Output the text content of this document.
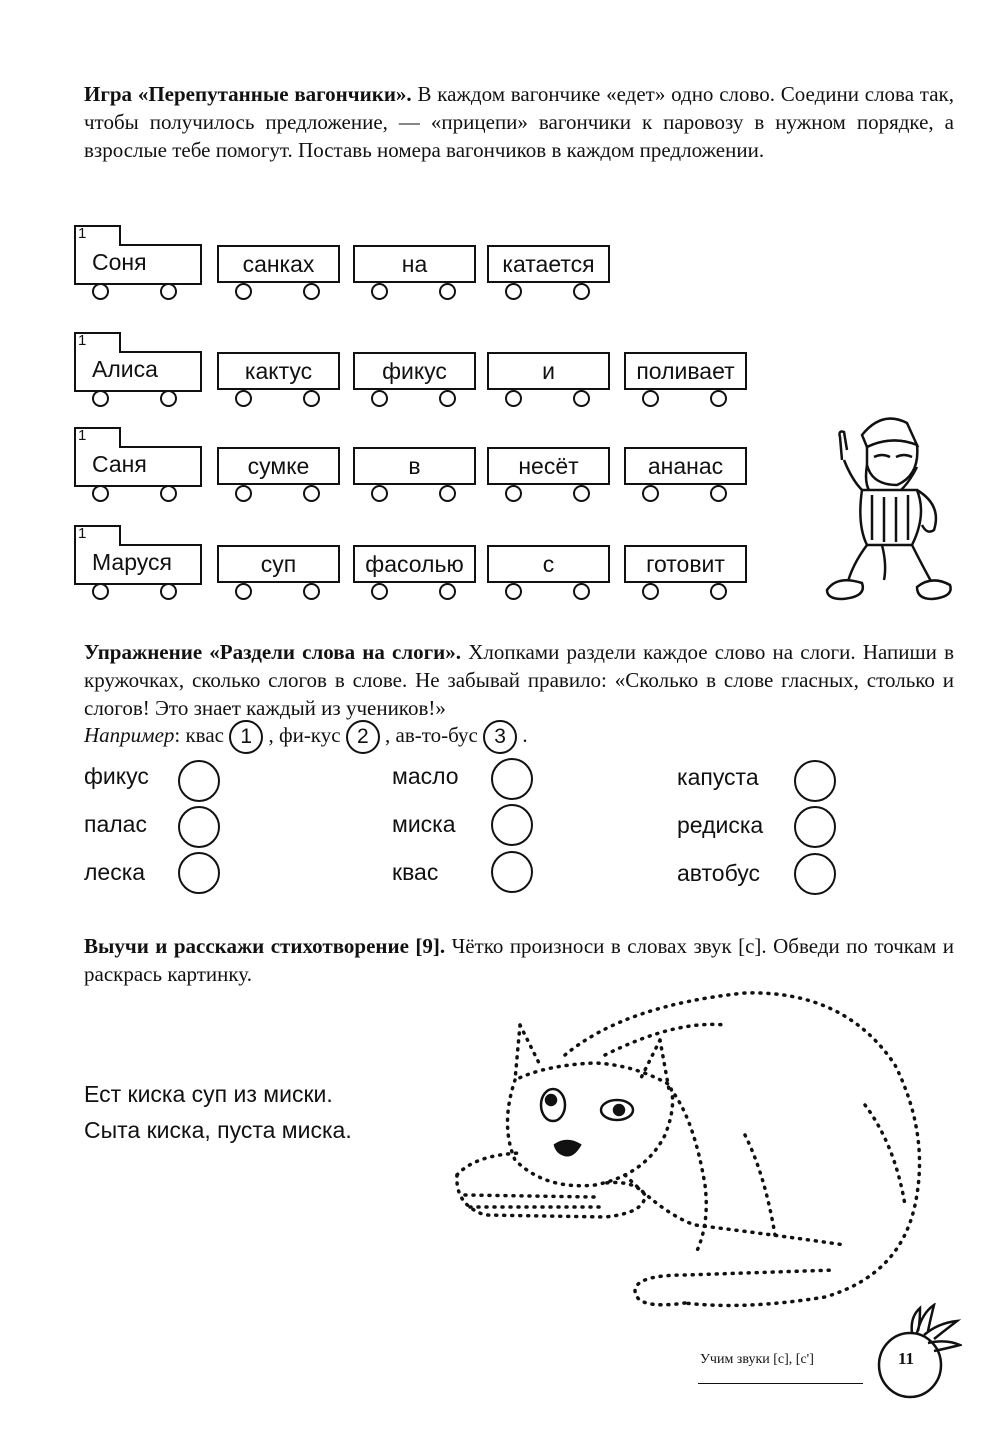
Игра «Перепутанные вагончики». В каждом вагончике «едет» одно слово. Соедини слова так, чтобы получилось предложение, — «прицепи» вагончики к паровозу в нужном порядке, а взрослые тебе помогут. Поставь номера вагончиков в каждом предложении.

1
Соня	санках	на	катается
1
Алиса	кактус	фикус	и	поливает
1
Саня	сумке	в	несёт	ананас
1
Маруся	суп	фасолью	с	готовит

Упражнение «Раздели слова на слоги». Хлопками раздели каждое слово на слоги. Напиши в кружочках, сколько слогов в слове. Не забывай правило: «Сколько в слове гласных, столько и слогов! Это знает каждый из учеников!»

Например: квас 1 , фи-кус 2 , ав-то-бус 3 .
фикус
палас
леска
масло
миска
квас
капуста
редиска
автобус

Выучи и расскажи стихотворение [9]. Чётко произноси в словах звук [с]. Обведи по точкам и раскрась картинку.

Ест киска суп из миски.
Сыта киска, пуста миска.
Учим звуки [с], [с']	11
